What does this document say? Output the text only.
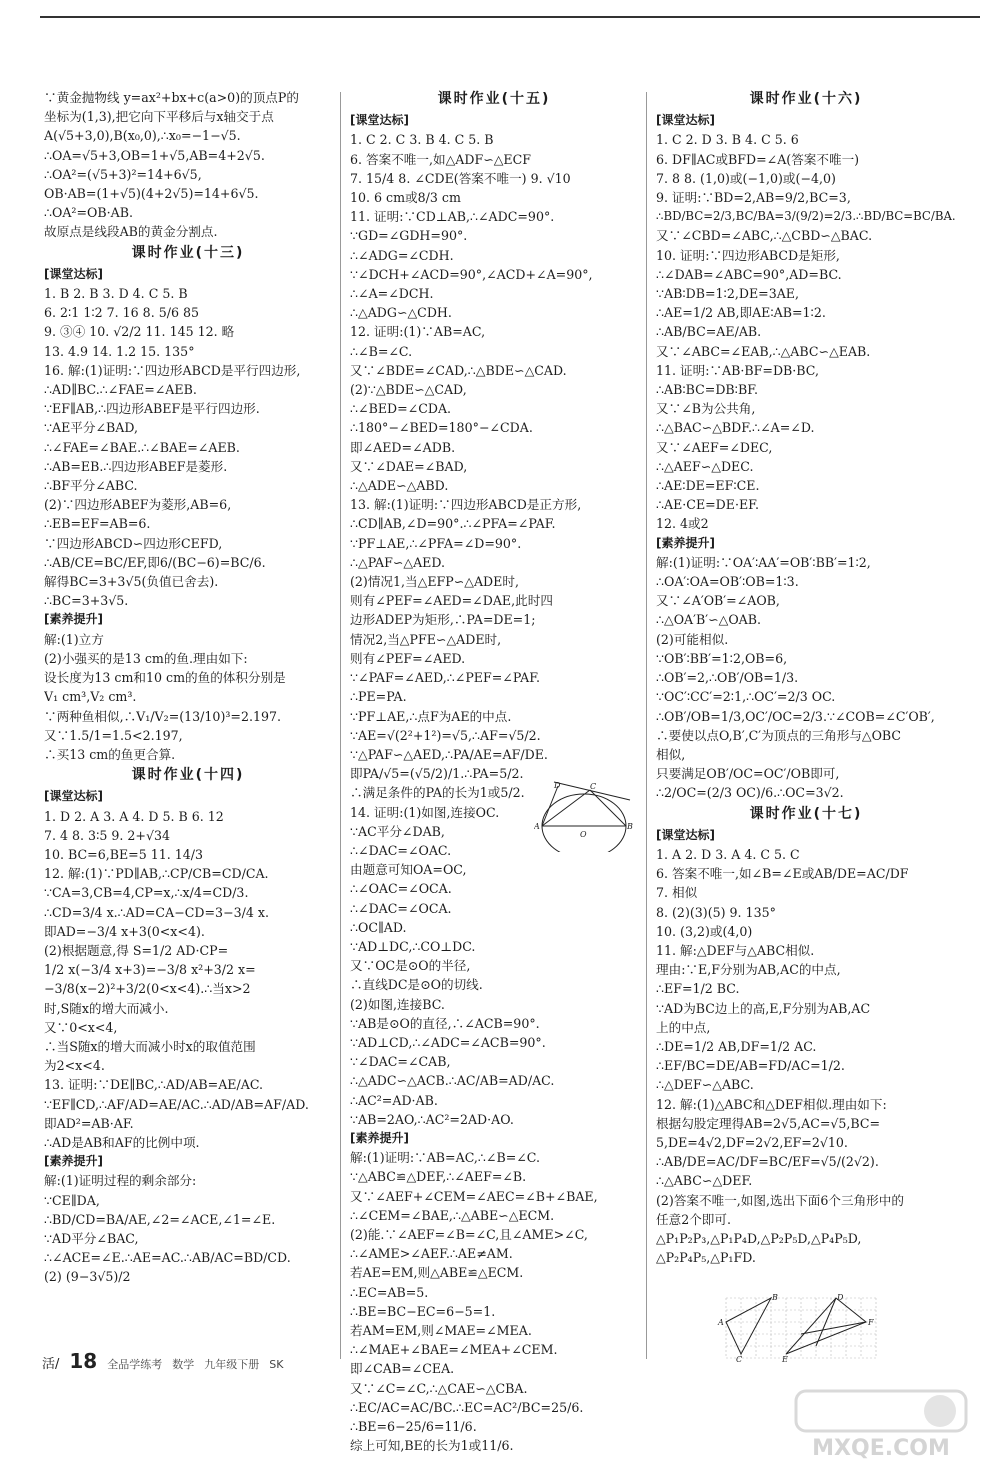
∵黄金抛物线 y=ax²+bx+c(a>0)的顶点P的
坐标为(1,3),把它向下平移后与x轴交于点
A(√5+3,0),B(x₀,0),∴x₀=−1−√5.
∴OA=√5+3,OB=1+√5,AB=4+2√5.
∴OA²=(√5+3)²=14+6√5,
OB·AB=(1+√5)(4+2√5)=14+6√5.
∴OA²=OB·AB.
故原点是线段AB的黄金分割点.
课时作业(十三)
[课堂达标]
1. B 2. B 3. D 4. C 5. B
6. 2∶1 1∶2 7. 16 8. 5/6 85
9. ③④ 10. √2/2 11. 145 12. 略
13. 4.9 14. 1.2 15. 135°
16. 解:(1)证明:∵四边形ABCD是平行四边形,
∴AD∥BC.∴∠FAE=∠AEB.
∵EF∥AB,∴四边形ABEF是平行四边形.
∵AE平分∠BAD,
∴∠FAE=∠BAE.∴∠BAE=∠AEB.
∴AB=EB.∴四边形ABEF是菱形.
∴BF平分∠ABC.
(2)∵四边形ABEF为菱形,AB=6,
∴EB=EF=AB=6.
∵四边形ABCD∽四边形CEFD,
∴AB/CE=BC/EF,即6/(BC−6)=BC/6.
解得BC=3+3√5(负值已舍去).
∴BC=3+3√5.
[素养提升]
解:(1)立方
(2)小强买的是13 cm的鱼.理由如下:
设长度为13 cm和10 cm的鱼的体积分别是
V₁ cm³,V₂ cm³.
∵两种鱼相似,∴V₁/V₂=(13/10)³=2.197.
又∵1.5/1=1.5<2.197,
∴买13 cm的鱼更合算.
课时作业(十四)
[课堂达标]
1. D 2. A 3. A 4. D 5. B 6. 12
7. 4 8. 3∶5 9. 2+√34
10. BC=6,BE=5 11. 14/3
12. 解:(1)∵PD∥AB,∴CP/CB=CD/CA.
∵CA=3,CB=4,CP=x,∴x/4=CD/3.
∴CD=3/4 x.∴AD=CA−CD=3−3/4 x.
即AD=−3/4 x+3(0<x<4).
(2)根据题意,得 S=1/2 AD·CP=
1/2 x(−3/4 x+3)=−3/8 x²+3/2 x=
−3/8(x−2)²+3/2(0<x<4).∴当x>2
时,S随x的增大而减小.
又∵0<x<4,
∴当S随x的增大而减小时x的取值范围
为2<x<4.
13. 证明:∵DE∥BC,∴AD/AB=AE/AC.
∵EF∥CD,∴AF/AD=AE/AC.∴AD/AB=AF/AD.
即AD²=AB·AF.
∴AD是AB和AF的比例中项.
[素养提升]
解:(1)证明过程的剩余部分:
∵CE∥DA,
∴BD/CD=BA/AE,∠2=∠ACE,∠1=∠E.
∵AD平分∠BAC,
∴∠ACE=∠E.∴AE=AC.∴AB/AC=BD/CD.
(2) (9−3√5)/2
课时作业(十五)
[课堂达标]
1. C 2. C 3. B 4. C 5. B
6. 答案不唯一,如△ADF∽△ECF
7. 15/4 8. ∠CDE(答案不唯一) 9. √10
10. 6 cm或8/3 cm
11. 证明:∵CD⊥AB,∴∠ADC=90°.
∵GD=∠GDH=90°.
∴∠ADG=∠CDH.
∵∠DCH+∠ACD=90°,∠ACD+∠A=90°,
∴∠A=∠DCH.
∴△ADG∽△CDH.
12. 证明:(1)∵AB=AC,
∴∠B=∠C.
又∵∠BDE=∠CAD,∴△BDE∽△CAD.
(2)∵△BDE∽△CAD,
∴∠BED=∠CDA.
∴180°−∠BED=180°−∠CDA.
即∠AED=∠ADB.
又∵∠DAE=∠BAD,
∴△ADE∽△ABD.
13. 解:(1)证明:∵四边形ABCD是正方形,
∴CD∥AB,∠D=90°.∴∠PFA=∠PAF.
∵PF⊥AE,∴∠PFA=∠D=90°.
∴△PAF∽△AED.
(2)情况1,当△EFP∽△ADE时,
则有∠PEF=∠AED=∠DAE,此时四
边形ADEP为矩形,∴PA=DE=1;
情况2,当△PFE∽△ADE时,
则有∠PEF=∠AED.
∵∠PAF=∠AED,∴∠PEF=∠PAF.
∴PE=PA.
∵PF⊥AE,∴点F为AE的中点.
∵AE=√(2²+1²)=√5,∴AF=√5/2.
∵△PAF∽△AED,∴PA/AE=AF/DE.
即PA/√5=(√5/2)/1.∴PA=5/2.
∴满足条件的PA的长为1或5/2.
14. 证明:(1)如图,连接OC.
∵AC平分∠DAB,
∴∠DAC=∠OAC.
由题意可知OA=OC,
∴∠OAC=∠OCA.
∴∠DAC=∠OCA.
∴OC∥AD.
∵AD⊥DC,∴CO⊥DC.
又∵OC是⊙O的半径,
∴直线DC是⊙O的切线.
(2)如图,连接BC.
∵AB是⊙O的直径,∴∠ACB=90°.
∵AD⊥CD,∴∠ADC=∠ACB=90°.
∵∠DAC=∠CAB,
∴△ADC∽△ACB.∴AC/AB=AD/AC.
∴AC²=AD·AB.
∵AB=2AO,∴AC²=2AD·AO.
[素养提升]
解:(1)证明:∵AB=AC,∴∠B=∠C.
∵△ABC≌△DEF,∴∠AEF=∠B.
又∵∠AEF+∠CEM=∠AEC=∠B+∠BAE,
∴∠CEM=∠BAE,∴△ABE∽△ECM.
(2)能.∵∠AEF=∠B=∠C,且∠AME>∠C,
∴∠AME>∠AEF.∴AE≠AM.
若AE=EM,则△ABE≌△ECM.
∴EC=AB=5.
∴BE=BC−EC=6−5=1.
若AM=EM,则∠MAE=∠MEA.
∴∠MAE+∠BAE=∠MEA+∠CEM.
即∠CAB=∠CEA.
又∵∠C=∠C,∴△CAE∽△CBA.
∴EC/AC=AC/BC.∴EC=AC²/BC=25/6.
∴BE=6−25/6=11/6.
综上可知,BE的长为1或11/6.
课时作业(十六)
[课堂达标]
1. C 2. D 3. B 4. C 5. 6
6. DF∥AC或BFD=∠A(答案不唯一)
7. 8 8. (1,0)或(−1,0)或(−4,0)
9. 证明:∵BD=2,AB=9/2,BC=3,
∴BD/BC=2/3,BC/BA=3/(9/2)=2/3.∴BD/BC=BC/BA.
又∵∠CBD=∠ABC,∴△CBD∽△BAC.
10. 证明:∵四边形ABCD是矩形,
∴∠DAB=∠ABC=90°,AD=BC.
∵AB∶DB=1∶2,DE=3AE,
∴AE=1/2 AB,即AE∶AB=1∶2.
∴AB/BC=AE/AB.
又∵∠ABC=∠EAB,∴△ABC∽△EAB.
11. 证明:∵AB·BF=DB·BC,
∴AB∶BC=DB∶BF.
又∵∠B为公共角,
∴△BAC∽△BDF.∴∠A=∠D.
又∵∠AEF=∠DEC,
∴△AEF∽△DEC.
∴AE∶DE=EF∶CE.
∴AE·CE=DE·EF.
12. 4或2
[素养提升]
解:(1)证明:∵OA′∶AA′=OB′∶BB′=1∶2,
∴OA′∶OA=OB′∶OB=1∶3.
又∵∠A′OB′=∠AOB,
∴△OA′B′∽△OAB.
(2)可能相似.
∵OB′∶BB′=1∶2,OB=6,
∴OB′=2,∴OB′/OB=1/3.
∵OC′∶CC′=2∶1,∴OC′=2/3 OC.
∴OB′/OB=1/3,OC′/OC=2/3.∵∠COB=∠C′OB′,
∴要使以点O,B′,C′为顶点的三角形与△OBC
相似,
只要满足OB′/OC=OC′/OB即可,
∴2/OC=(2/3 OC)/6.∴OC=3√2.
课时作业(十七)
[课堂达标]
1. A 2. D 3. A 4. C 5. C
6. 答案不唯一,如∠B=∠E或AB/DE=AC/DF
7. 相似
8. (2)(3)(5) 9. 135°
10. (3,2)或(4,0)
11. 解:△DEF与△ABC相似.
理由:∵E,F分别为AB,AC的中点,
∴EF=1/2 BC.
∵AD为BC边上的高,E,F分别为AB,AC
上的中点,
∴DE=1/2 AB,DF=1/2 AC.
∴EF/BC=DE/AB=FD/AC=1/2.
∴△DEF∽△ABC.
12. 解:(1)△ABC和△DEF相似.理由如下:
根据勾股定理得AB=2√5,AC=√5,BC=
5,DE=4√2,DF=2√2,EF=2√10.
∴AB/DE=AC/DF=BC/EF=√5/(2√2).
∴△ABC∽△DEF.
(2)答案不唯一,如图,选出下面6个三角形中的
任意2个即可.
△P₁P₂P₃,△P₁P₄D,△P₂P₅D,△P₄P₅D,
△P₂P₄P₅,△P₁FD.
D	C
A
O
B
B	D
A	F
C	E
活/ 18 全品学练考 数学 九年级下册 SK
MXQE.COM
